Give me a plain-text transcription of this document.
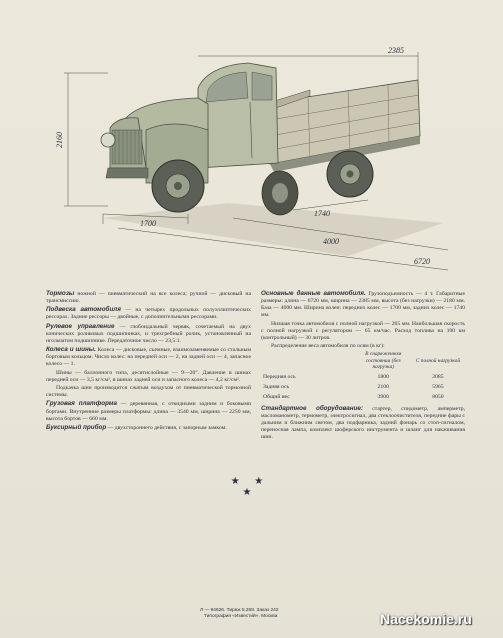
2160
2385
1700
1740
4000
6720

Тормозы ножной — пневматический на все колеса; ручной — дисковый на трансмиссию.

Подвеска автомобиля — на четырех продольных полуэллиптических рессорах. Задние рессоры — двойные, с дополнительными рессорами.

Рулевое управление — глобоидальный червяк, сочетаемый на двух конических роликовых подшипниках, и трехгребный ролик, установленный на игольчатом подшипнике. Передаточное число — 23,5:1.

Колеса и шины. Колеса — дисковые, съемные, взаимозаменяемые со стальным бортовым кольцом. Число колес: на передней оси — 2, на задней оси — 4, запасное колесо — 1.

Шины — баллонного типа, десятислойные — 9—20". Давление в шинах передней оси — 3,5 кг/см², в шинах задней оси и запасного колеса — 4,2 кг/см².

Подкачка шин производится сжатым воздухом от пневматической тормозной системы.

Грузовая платформа — деревянная, с откидными задним и боковыми бортами. Внутренние размеры платформы: длина — 3540 мм, ширина — 2250 мм, высота бортов — 660 мм.

Буксирный прибор — двухстороннего действия, с запорным замком.

Основные данные автомобиля. Грузоподъемность — 4 т. Габаритные размеры: длина — 6720 мм, ширина — 2385 мм, высота (без нагрузки) — 2180 мм. База — 4000 мм. Ширина колеи: передних колес — 1700 мм, задних колес — 1740 мм.

Низшая точка автомобиля с полной нагрузкой — 265 мм. Наибольшая скорость с полной нагрузкой с регулятором — 65 км/час. Расход топлива на 100 км (контрольный) — 30 литров.

Распределение веса автомобиля по осям (в кг):

	В снаряженном состоянии (без нагрузки)	С полной нагрузкой
Передняя ось	1800	2085
Задняя ось	2100	5965
Общий вес	3900	8050

Стандартное оборудование: стартер, спидометр, амперметр, масломанометр, термометр, электросигнал, два стеклоочистителя, передние фары с дальним и ближним светом, два подфарника, задний фонарь со стоп-сигналом, переносная лампа, комплект шоферского инструмента и шланг для накачивания шин.

★ ★ ★
Л — 94626. Тираж 5.268. Заказ 242
Типография «Известий». Москва	Nacekomie.ru
